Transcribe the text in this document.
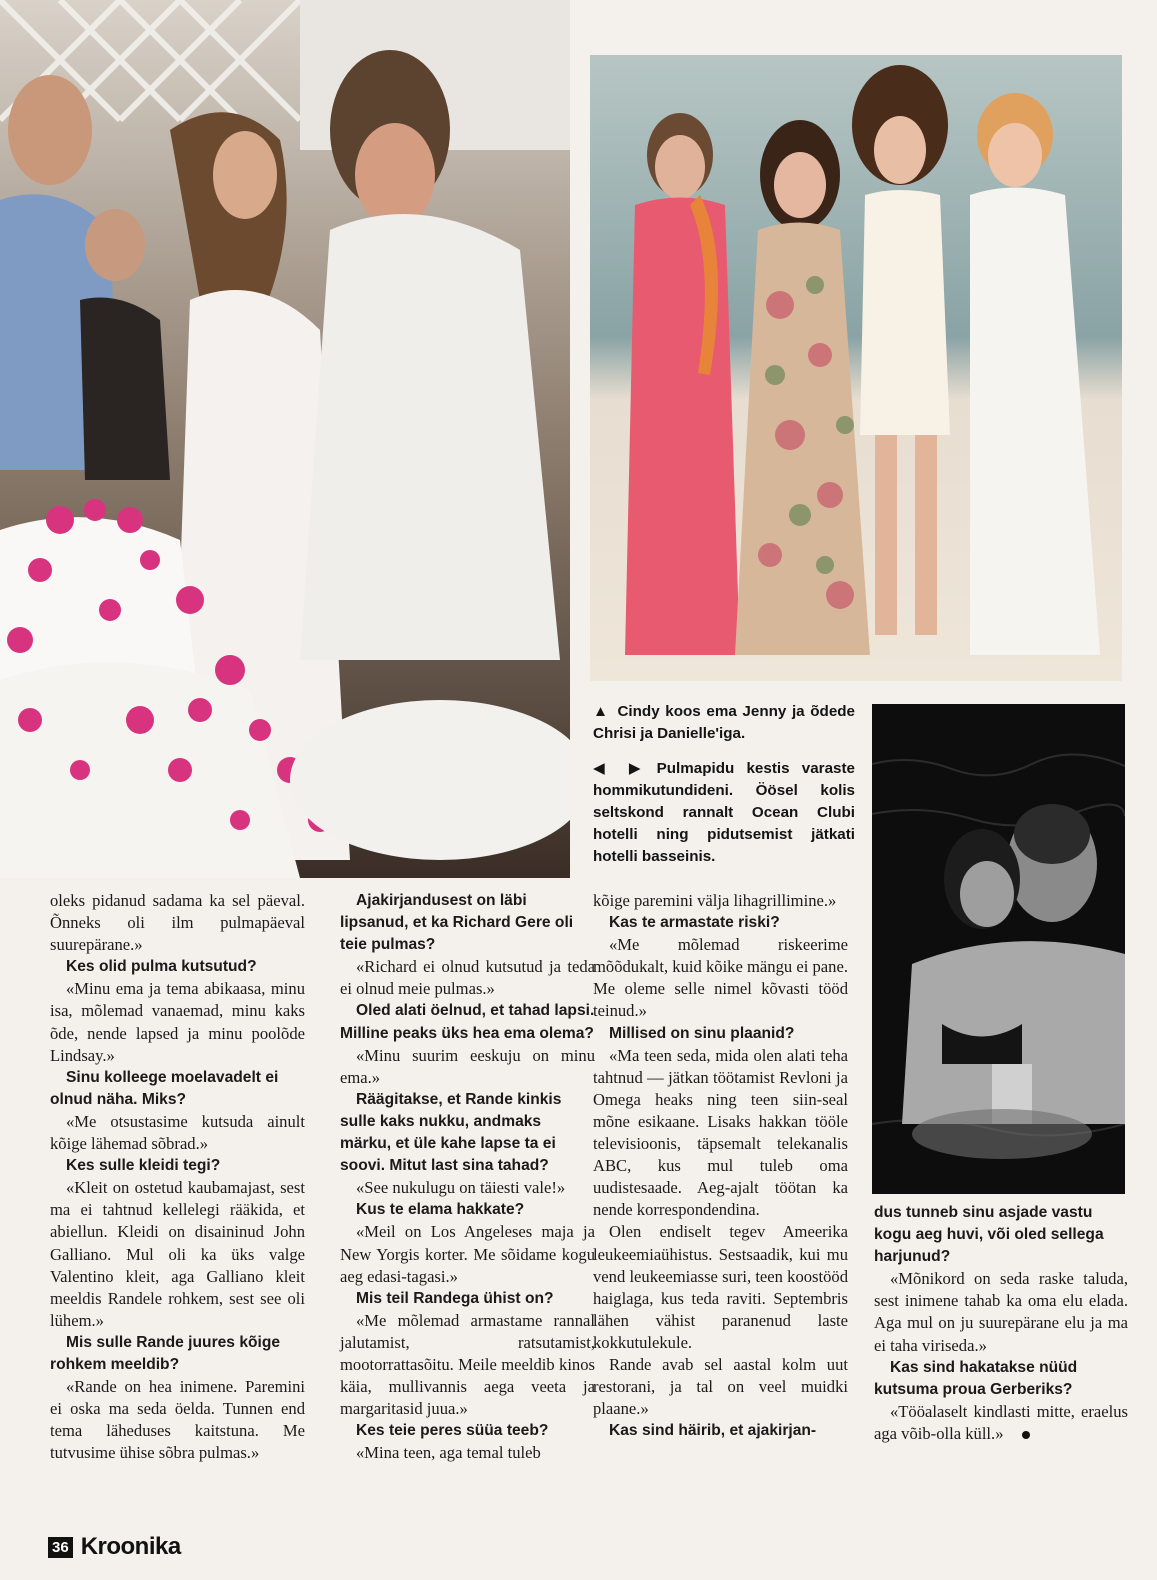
▲ Cindy koos ema Jenny ja õdede Chrisi ja Danielle'iga.
◀ ▶ Pulmapidu kestis varaste hommikutundideni. Öösel kolis seltskond rannalt Ocean Clubi hotelli ning pidutsemist jätkati hotelli basseinis.

oleks pidanud sadama ka sel päeval. Õnneks oli ilm pulmapäeval suurepärane.»

Kes olid pulma kutsutud?

«Minu ema ja tema abikaasa, minu isa, mõlemad vanaemad, minu kaks õde, nende lapsed ja minu poolõde Lindsay.»

Sinu kolleege moelavadelt ei olnud näha. Miks?

«Me otsustasime kutsuda ainult kõige lähemad sõbrad.»

Kes sulle kleidi tegi?

«Kleit on ostetud kaubamajast, sest ma ei tahtnud kellelegi rääkida, et abiellun. Kleidi on disaininud John Galliano. Mul oli ka üks valge Valentino kleit, aga Galliano kleit meeldis Randele rohkem, sest see oli lühem.»

Mis sulle Rande juures kõige rohkem meeldib?

«Rande on hea inimene. Paremini ei oska ma seda öelda. Tunnen end tema läheduses kaitstuna. Me tutvusime ühise sõbra pulmas.»

Ajakirjandusest on läbi lipsanud, et ka Richard Gere oli teie pulmas?

«Richard ei olnud kutsutud ja teda ei olnud meie pulmas.»

Oled alati öelnud, et tahad lapsi. Milline peaks üks hea ema olema?

«Minu suurim eeskuju on minu ema.»

Räägitakse, et Rande kinkis sulle kaks nukku, andmaks märku, et üle kahe lapse ta ei soovi. Mitut last sina tahad?

«See nukulugu on täiesti vale!»

Kus te elama hakkate?

«Meil on Los Angeleses maja ja New Yorgis korter. Me sõidame kogu aeg edasi-tagasi.»

Mis teil Randega ühist on?

«Me mõlemad armastame rannal jalutamist, ratsutamist, mootorrattasõitu. Meile meeldib kinos käia, mullivannis aega veeta ja margaritasid juua.»

Kes teie peres süüa teeb?

«Mina teen, aga temal tuleb

kõige paremini välja lihagrillimine.»

Kas te armastate riski?

«Me mõlemad riskeerime mõõdukalt, kuid kõike mängu ei pane. Me oleme selle nimel kõvasti tööd teinud.»

Millised on sinu plaanid?

«Ma teen seda, mida olen alati teha tahtnud — jätkan töötamist Revloni ja Omega heaks ning teen siin-seal mõne esikaane. Lisaks hakkan tööle televisioonis, täpsemalt telekanalis ABC, kus mul tuleb oma uudistesaade. Aeg-ajalt töötan ka nende korrespondendina.

Olen endiselt tegev Ameerika leukeemiaühistus. Sestsaadik, kui mu vend leukeemiasse suri, teen koostööd haiglaga, kus teda raviti. Septembris lähen vähist paranenud laste kokkutulekule.

Rande avab sel aastal kolm uut restorani, ja tal on veel muidki plaane.»

Kas sind häirib, et ajakirjan-

dus tunneb sinu asjade vastu kogu aeg huvi, või oled sellega harjunud?

«Mõnikord on seda raske taluda, sest inimene tahab ka oma elu elada. Aga mul on ju suurepärane elu ja ma ei taha viriseda.»

Kas sind hakatakse nüüd kutsuma proua Gerberiks?

«Tööalaselt kindlasti mitte, eraelus aga võib-olla küll.»

36 Kroonika
